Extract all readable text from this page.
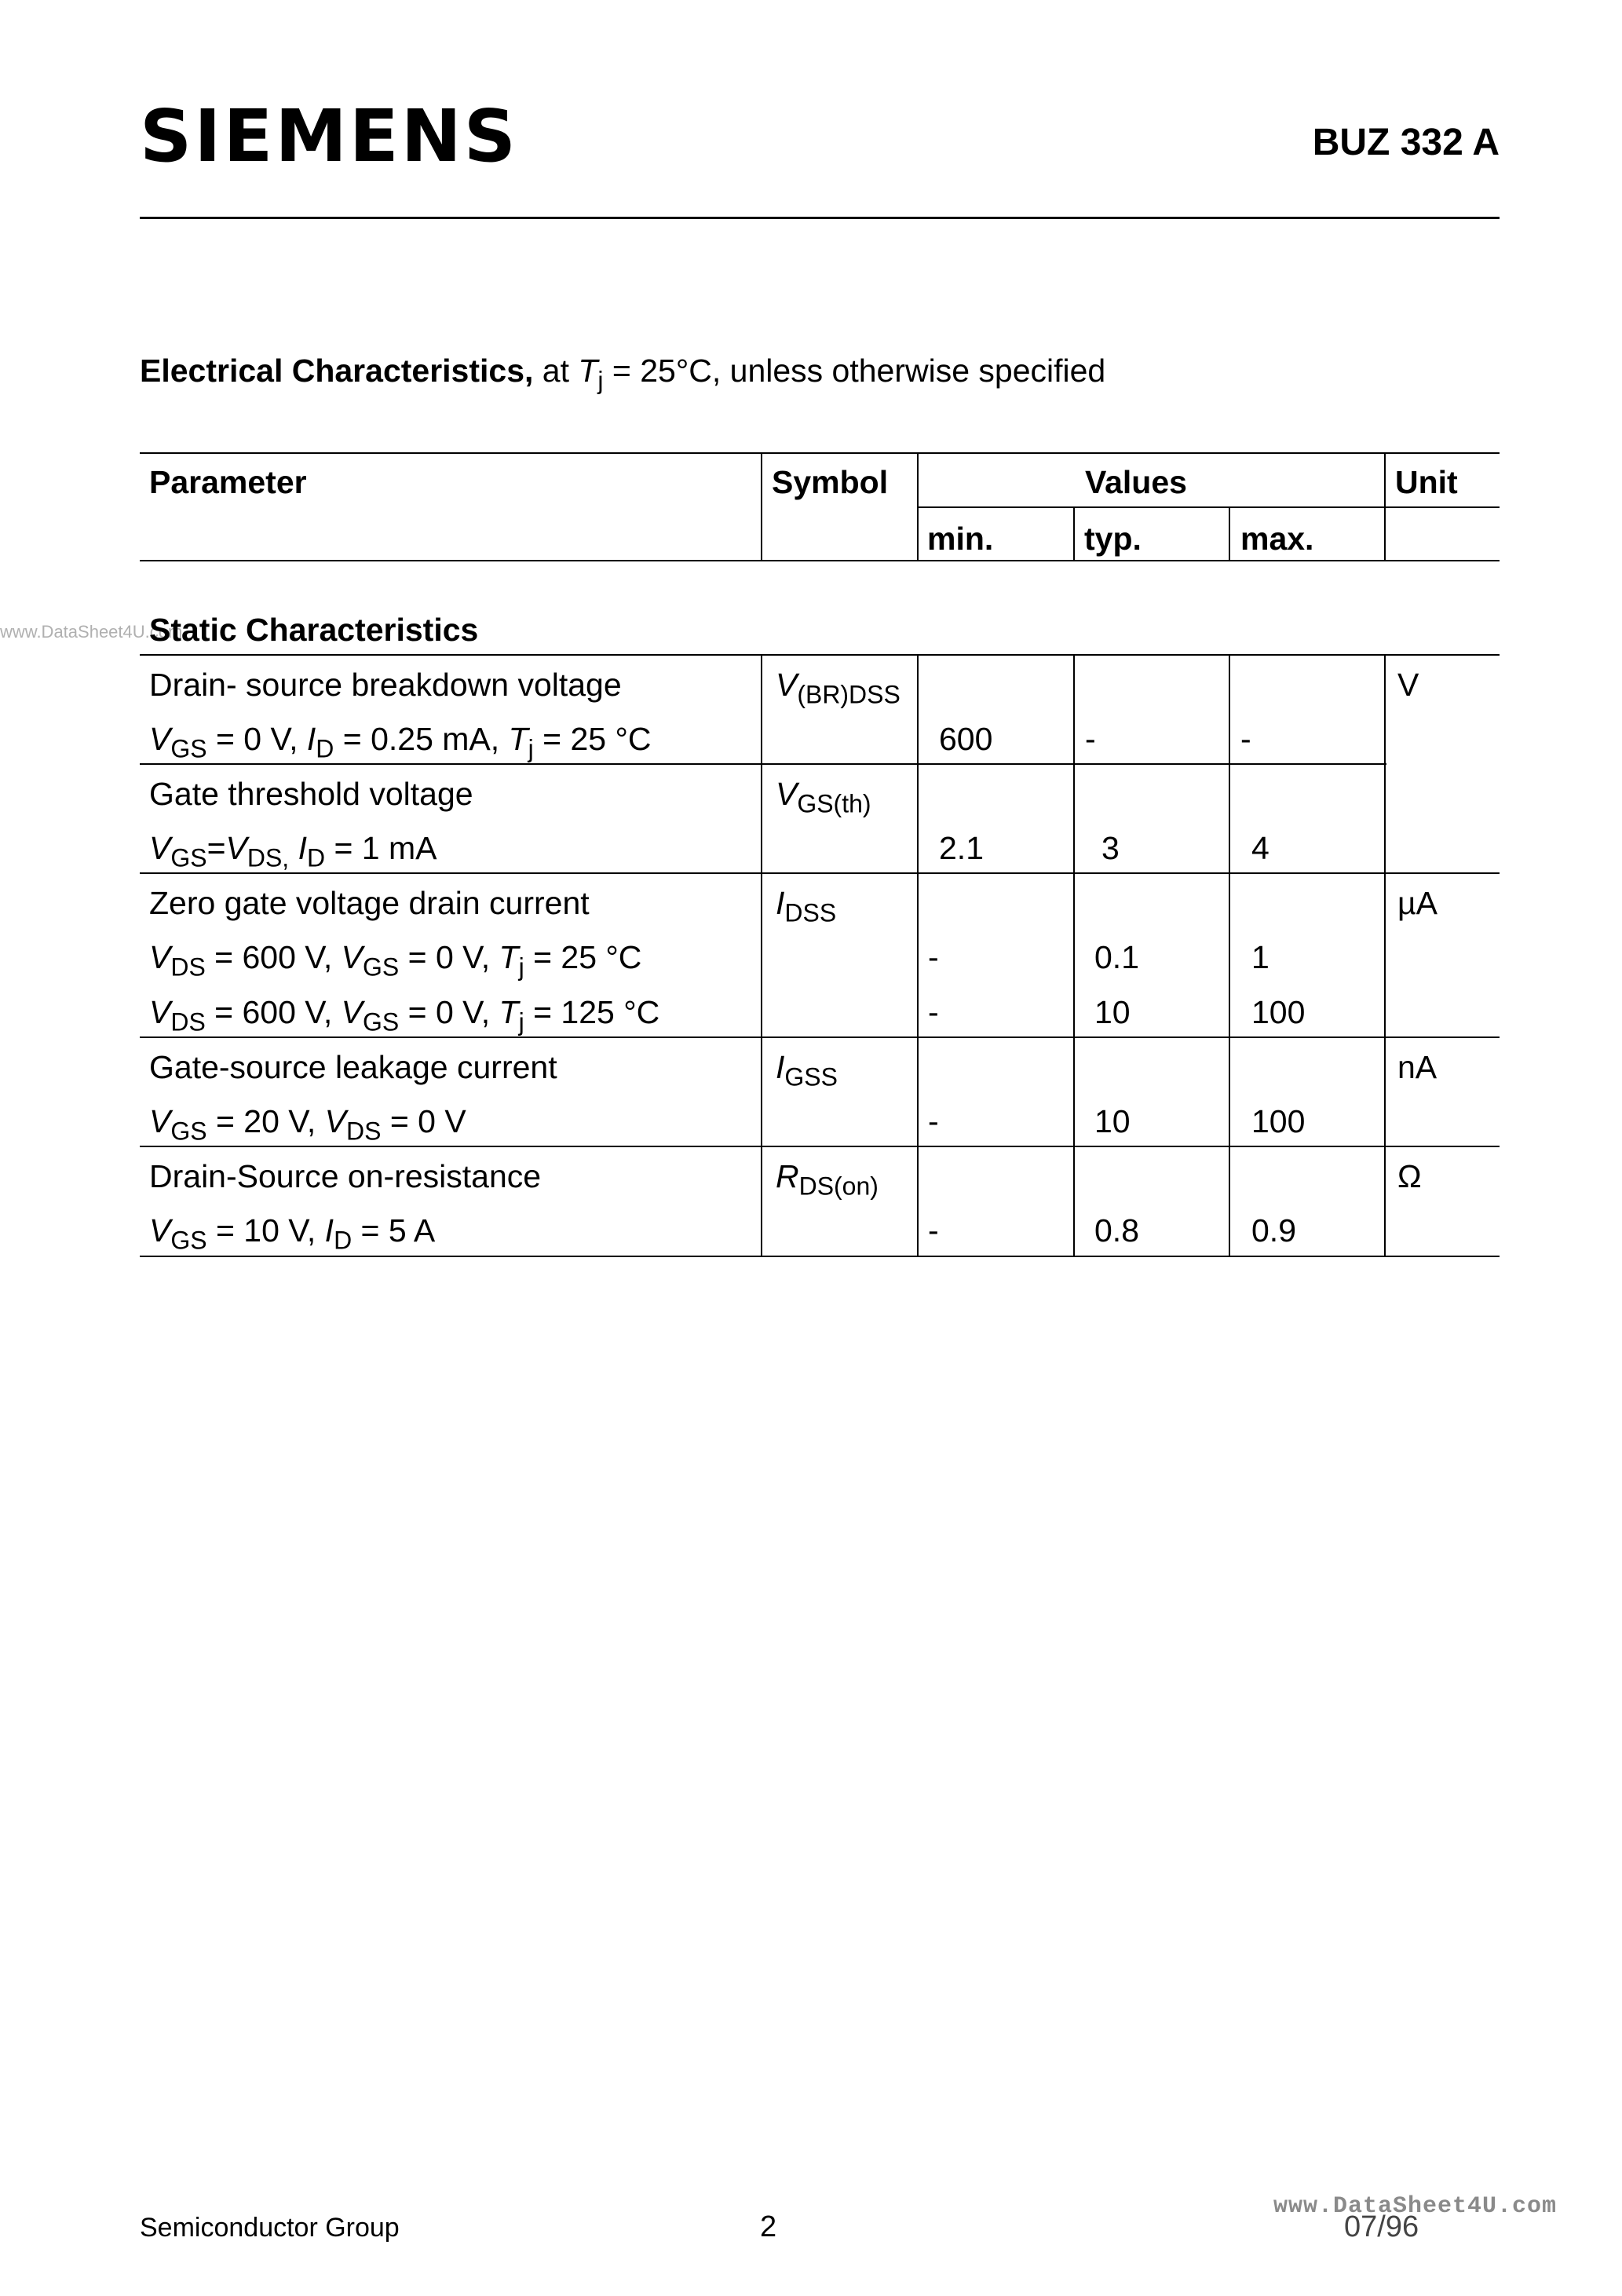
SIEMENS	BUZ 332 A
Electrical Characteristics, at $T_j = 25^\circ C$, unless otherwise specified
www.DataSheet4U.com
Parameter	Symbol	Values	Unit
min.	typ.	max.
Static Characteristics
Drain- source breakdown voltage	$V_{(BR)DSS}$	V
$V_{GS} = 0$ V, $I_D = 0.25$ mA, $T_j = 25$ °C	600	-	-
Gate threshold voltage	$V_{GS(th)}$
$V_{GS}=V_{DS,}$ $I_D = 1$ mA	2.1	3	4
Zero gate voltage drain current	$I_{DSS}$	µA
$V_{DS} = 600$ V, $V_{GS} = 0$ V, $T_j = 25$ °C	-	0.1	1
$V_{DS} = 600$ V, $V_{GS} = 0$ V, $T_j = 125$ °C	-	10	100
Gate-source leakage current	$I_{GSS}$	nA
$V_{GS} = 20$ V, $V_{DS} = 0$ V	-	10	100
Drain-Source on-resistance	$R_{DS(on)}$	Ω
$V_{GS} = 10$ V, $I_D = 5$ A	-	0.8	0.9
www.DataSheet4U.com
Semiconductor Group	2	07/96
